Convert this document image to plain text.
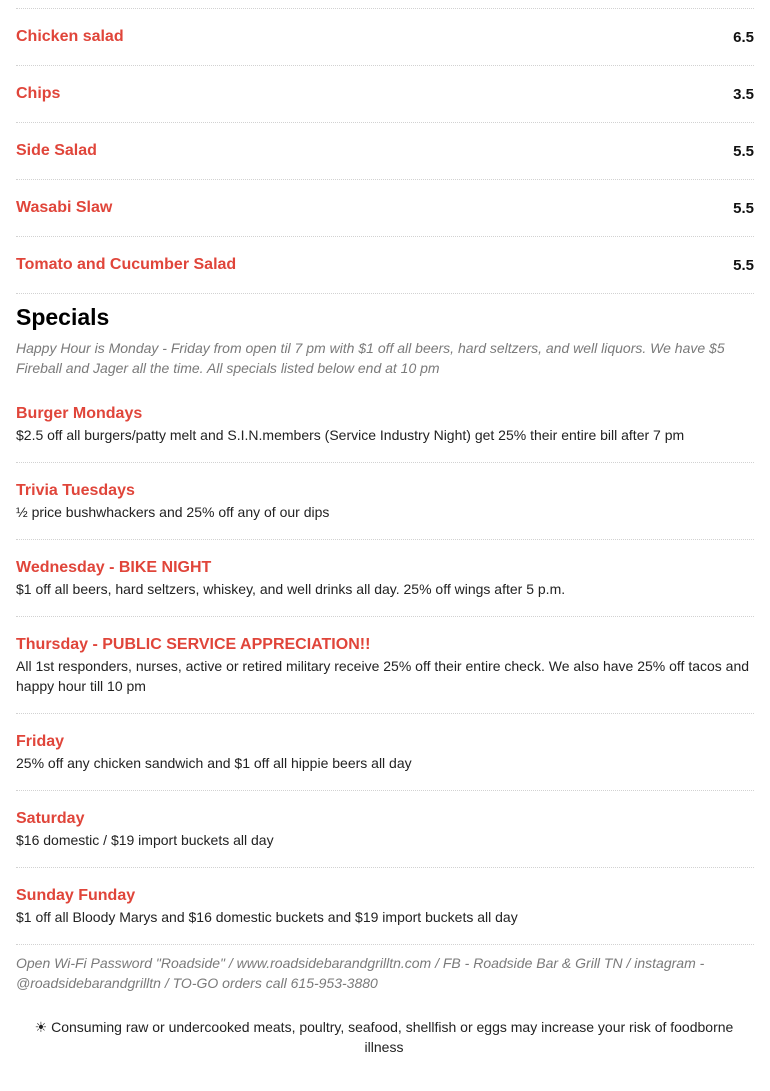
Chicken salad	6.5
Chips	3.5
Side Salad	5.5
Wasabi Slaw	5.5
Tomato and Cucumber Salad	5.5
Specials
Happy Hour is Monday - Friday from open til 7 pm with $1 off all beers, hard seltzers, and well liquors. We have $5 Fireball and Jager all the time. All specials listed below end at 10 pm
Burger Mondays
$2.5 off all burgers/patty melt and S.I.N.members (Service Industry Night) get 25% their entire bill after 7 pm
Trivia Tuesdays
½ price bushwhackers and 25% off any of our dips
Wednesday - BIKE NIGHT
$1 off all beers, hard seltzers, whiskey, and well drinks all day. 25% off wings after 5 p.m.
Thursday - PUBLIC SERVICE APPRECIATION!!
All 1st responders, nurses, active or retired military receive 25% off their entire check. We also have 25% off tacos and happy hour till 10 pm
Friday
25% off any chicken sandwich and $1 off all hippie beers all day
Saturday
$16 domestic / $19 import buckets all day
Sunday Funday
$1 off all Bloody Marys and $16 domestic buckets and $19 import buckets all day
Open Wi-Fi Password "Roadside" / www.roadsidebarandgrilltn.com / FB - Roadside Bar & Grill TN / instagram - @roadsidebarandgrilltn / TO-GO orders call 615-953-3880
☀ Consuming raw or undercooked meats, poultry, seafood, shellfish or eggs may increase your risk of foodborne illness
